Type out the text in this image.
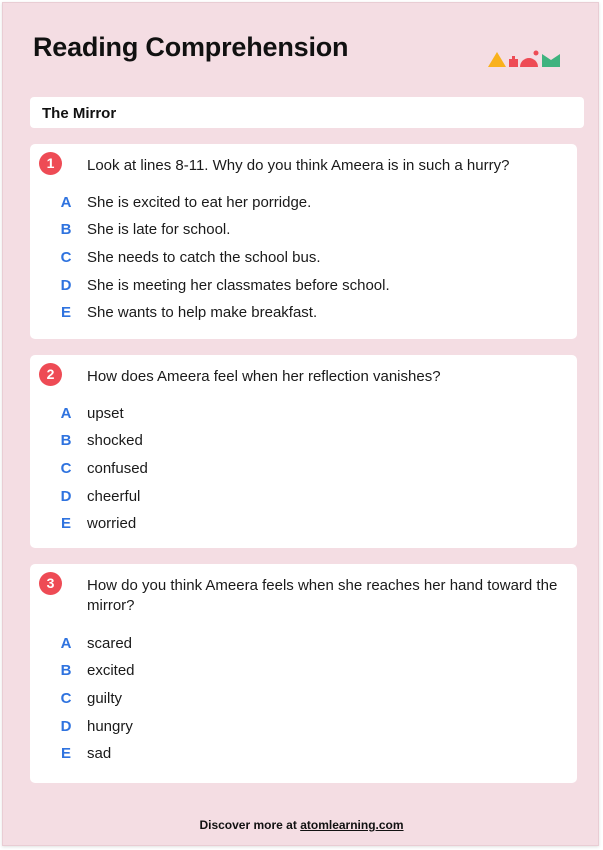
Reading Comprehension
The Mirror
1	Look at lines 8-11. Why do you think Ameera is in such a hurry?
A She is excited to eat her porridge.
B She is late for school.
C She needs to catch the school bus.
D She is meeting her classmates before school.
E She wants to help make breakfast.
2	How does Ameera feel when her reflection vanishes?
A upset
B shocked
C confused
D cheerful
E worried
3	How do you think Ameera feels when she reaches her hand toward the mirror?
A scared
B excited
C guilty
D hungry
E sad
Discover more at atomlearning.com
